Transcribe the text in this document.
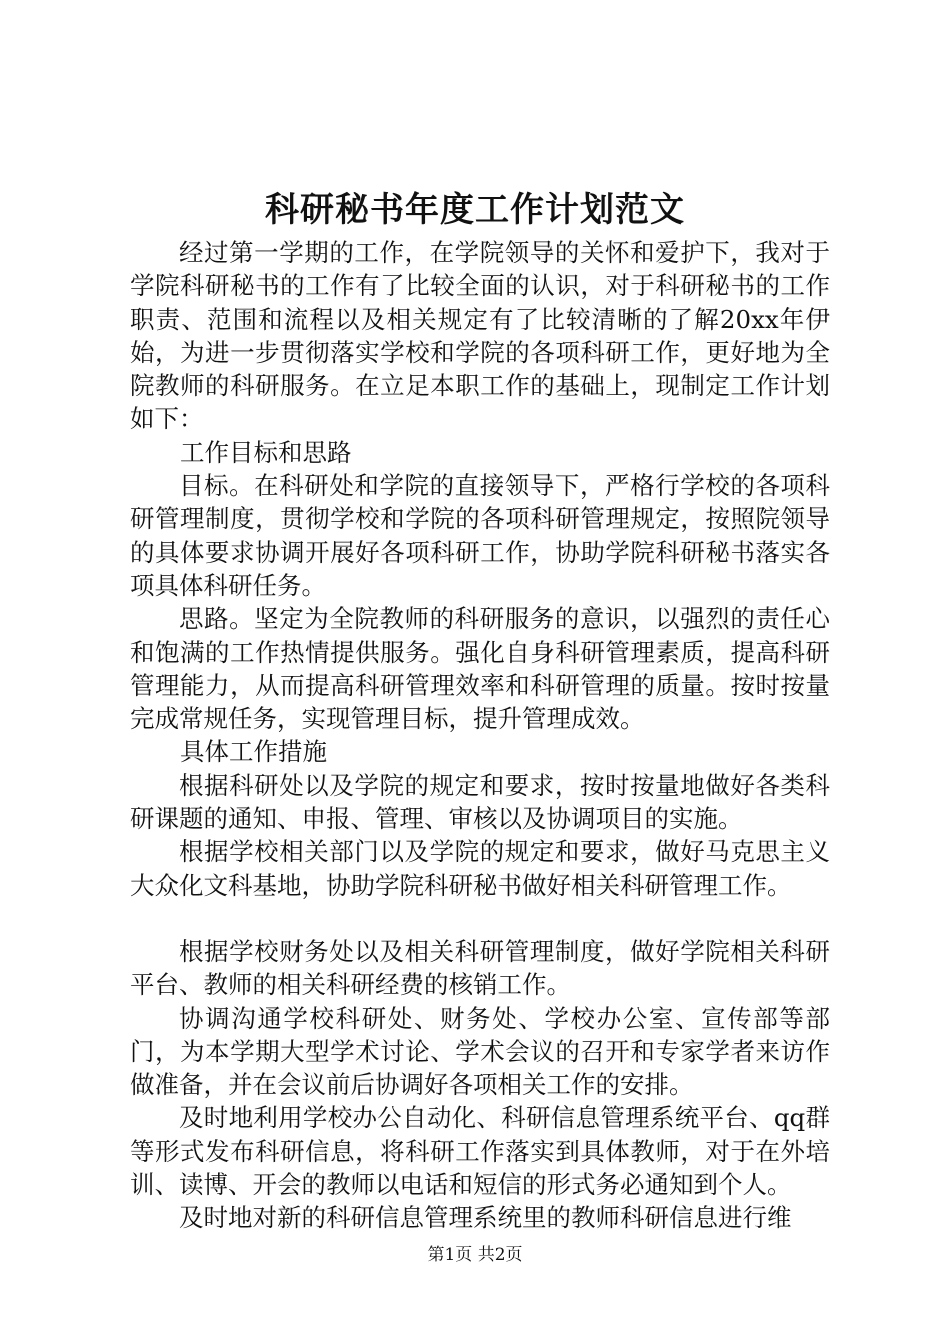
科研秘书年度工作计划范文

经过第一学期的工作，在学院领导的关怀和爱护下，我对于学院科研秘书的工作有了比较全面的认识，对于科研秘书的工作职责、范围和流程以及相关规定有了比较清晰的了解20xx年伊始，为进一步贯彻落实学校和学院的各项科研工作，更好地为全院教师的科研服务。在立足本职工作的基础上，现制定工作计划如下：

工作目标和思路

目标。在科研处和学院的直接领导下，严格行学校的各项科研管理制度，贯彻学校和学院的各项科研管理规定，按照院领导的具体要求协调开展好各项科研工作，协助学院科研秘书落实各项具体科研任务。

思路。坚定为全院教师的科研服务的意识，以强烈的责任心和饱满的工作热情提供服务。强化自身科研管理素质，提高科研管理能力，从而提高科研管理效率和科研管理的质量。按时按量完成常规任务，实现管理目标，提升管理成效。

具体工作措施

根据科研处以及学院的规定和要求，按时按量地做好各类科研课题的通知、申报、管理、审核以及协调项目的实施。

根据学校相关部门以及学院的规定和要求，做好马克思主义大众化文科基地，协助学院科研秘书做好相关科研管理工作。

根据学校财务处以及相关科研管理制度，做好学院相关科研平台、教师的相关科研经费的核销工作。

协调沟通学校科研处、财务处、学校办公室、宣传部等部门，为本学期大型学术讨论、学术会议的召开和专家学者来访作做准备，并在会议前后协调好各项相关工作的安排。

及时地利用学校办公自动化、科研信息管理系统平台、qq群等形式发布科研信息，将科研工作落实到具体教师，对于在外培训、读博、开会的教师以电话和短信的形式务必通知到个人。

及时地对新的科研信息管理系统里的教师科研信息进行维

第1页 共2页
